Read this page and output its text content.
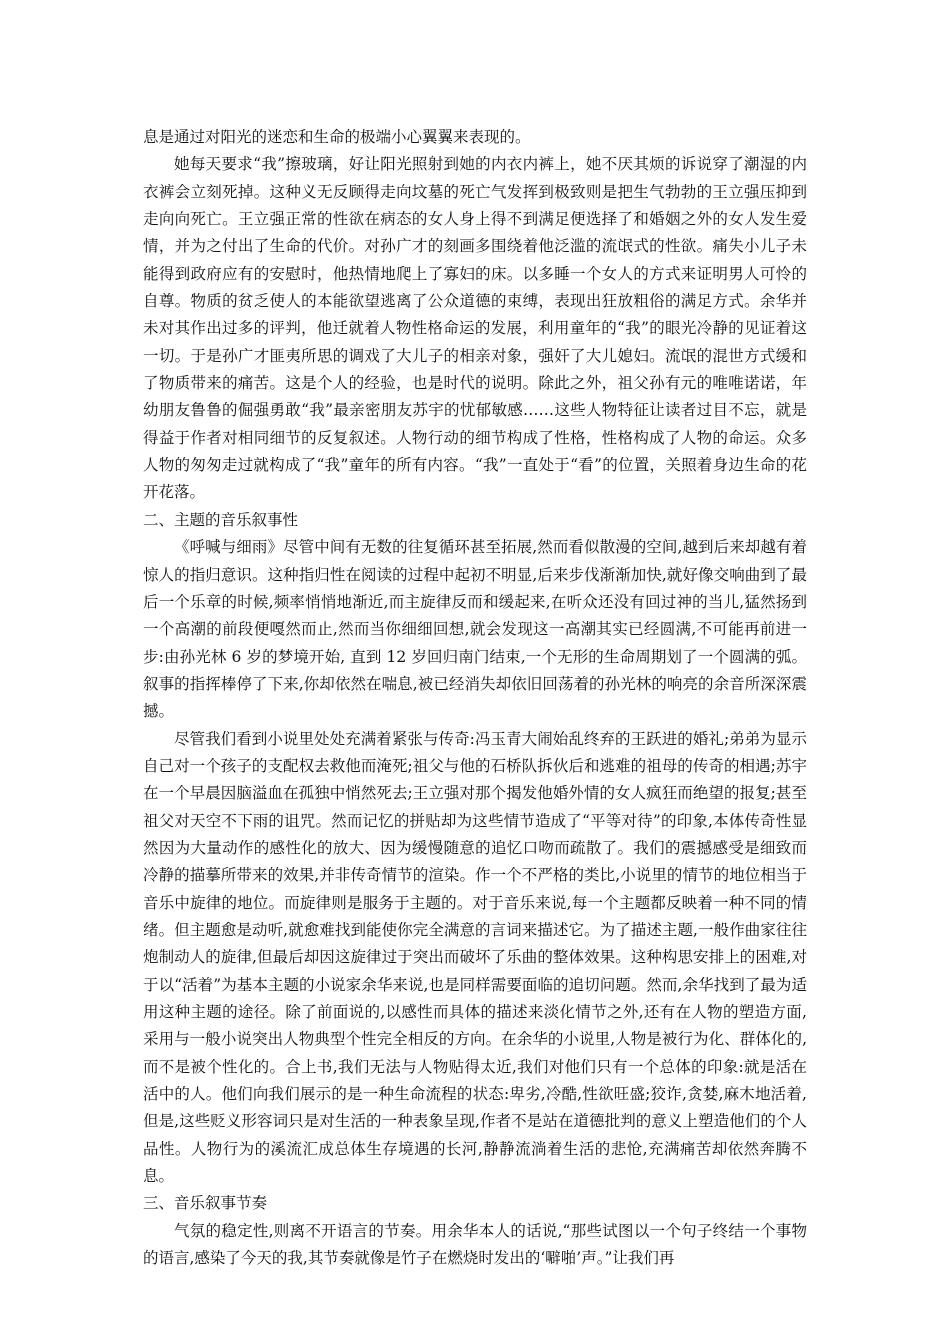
息是通过对阳光的迷恋和生命的极端小心翼翼来表现的。

她每天要求“我”擦玻璃，好让阳光照射到她的内衣内裤上，她不厌其烦的诉说穿了潮湿的内衣裤会立刻死掉。这种义无反顾得走向坟墓的死亡气发挥到极致则是把生气勃勃的王立强压抑到走向向死亡。王立强正常的性欲在病态的女人身上得不到满足便选择了和婚姻之外的女人发生爱情，并为之付出了生命的代价。对孙广才的刻画多围绕着他泛滥的流氓式的性欲。痛失小儿子未能得到政府应有的安慰时，他热情地爬上了寡妇的床。以多睡一个女人的方式来证明男人可怜的自尊。物质的贫乏使人的本能欲望逃离了公众道德的束缚，表现出狂放粗俗的满足方式。余华并未对其作出过多的评判，他迁就着人物性格命运的发展，利用童年的“我”的眼光冷静的见证着这一切。于是孙广才匪夷所思的调戏了大儿子的相亲对象，强奸了大儿媳妇。流氓的混世方式缓和了物质带来的痛苦。这是个人的经验，也是时代的说明。除此之外，祖父孙有元的唯唯诺诺，年幼朋友鲁鲁的倔强勇敢“我”最亲密朋友苏宇的忧郁敏感……这些人物特征让读者过目不忘，就是得益于作者对相同细节的反复叙述。人物行动的细节构成了性格，性格构成了人物的命运。众多人物的匆匆走过就构成了“我”童年的所有内容。“我”一直处于“看”的位置，关照着身边生命的花开花落。

二、主题的音乐叙事性

《呼喊与细雨》尽管中间有无数的往复循环甚至拓展,然而看似散漫的空间,越到后来却越有着惊人的指归意识。这种指归性在阅读的过程中起初不明显,后来步伐渐渐加快,就好像交响曲到了最后一个乐章的时候,频率悄悄地渐近,而主旋律反而和缓起来,在听众还没有回过神的当儿,猛然扬到一个高潮的前段便嘎然而止,然而当你细细回想,就会发现这一高潮其实已经圆满,不可能再前进一步:由孙光林 6 岁的梦境开始, 直到 12 岁回归南门结束,一个无形的生命周期划了一个圆满的弧。叙事的指挥棒停了下来,你却依然在喘息,被已经消失却依旧回荡着的孙光林的响亮的余音所深深震撼。

尽管我们看到小说里处处充满着紧张与传奇:冯玉青大闹始乱终弃的王跃进的婚礼;弟弟为显示自己对一个孩子的支配权去救他而淹死;祖父与他的石桥队拆伙后和逃难的祖母的传奇的相遇;苏宇在一个早晨因脑溢血在孤独中悄然死去;王立强对那个揭发他婚外情的女人疯狂而绝望的报复;甚至祖父对天空不下雨的诅咒。然而记忆的拼贴却为这些情节造成了“平等对待”的印象,本体传奇性显然因为大量动作的感性化的放大、因为缓慢随意的追忆口吻而疏散了。我们的震撼感受是细致而冷静的描摹所带来的效果,并非传奇情节的渲染。作一个不严格的类比,小说里的情节的地位相当于音乐中旋律的地位。而旋律则是服务于主题的。对于音乐来说,每一个主题都反映着一种不同的情绪。但主题愈是动听,就愈难找到能使你完全满意的言词来描述它。为了描述主题,一般作曲家往往炮制动人的旋律,但最后却因这旋律过于突出而破坏了乐曲的整体效果。这种构思安排上的困难,对于以“活着”为基本主题的小说家余华来说,也是同样需要面临的追切问题。然而,余华找到了最为适用这种主题的途径。除了前面说的,以感性而具体的描述来淡化情节之外,还有在人物的塑造方面,采用与一般小说突出人物典型个性完全相反的方向。在余华的小说里,人物是被行为化、群体化的,而不是被个性化的。合上书,我们无法与人物贴得太近,我们对他们只有一个总体的印象:就是活在活中的人。他们向我们展示的是一种生命流程的状态:卑劣,冷酷,性欲旺盛;狡诈,贪婪,麻木地活着,但是,这些贬义形容词只是对生活的一种表象呈现,作者不是站在道德批判的意义上塑造他们的个人品性。人物行为的溪流汇成总体生存境遇的长河,静静流淌着生活的悲怆,充满痛苦却依然奔腾不息。

三、音乐叙事节奏

气氛的稳定性,则离不开语言的节奏。用余华本人的话说,“那些试图以一个句子终结一个事物的语言,感染了今天的我,其节奏就像是竹子在燃烧时发出的‘噼啪’声。”让我们再
